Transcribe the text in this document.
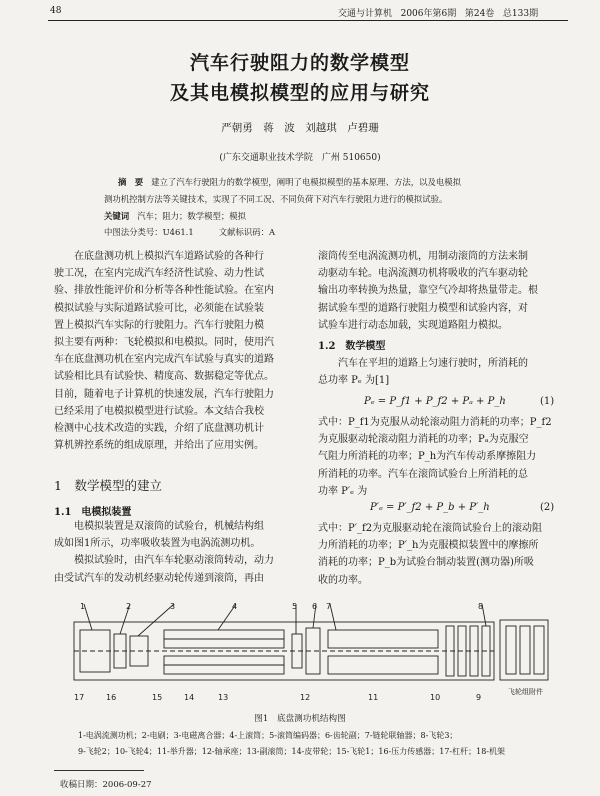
48	交通与计算机 2006年第6期 第24卷 总133期
汽车行驶阻力的数学模型
及其电模拟模型的应用与研究
严朝勇　蒋　波　刘越琪　卢碧珊
(广东交通职业技术学院　广州 510650)
摘　要 建立了汽车行驶阻力的数学模型，阐明了电模拟模型的基本原理、方法，以及电模拟
测功机控制方法等关键技术，实现了不同工况、不同负荷下对汽车行驶阻力进行的模拟试验。
关键词 汽车；阻力；数学模型；模拟
中图法分类号：U461.1　　　文献标识码：A
在底盘测功机上模拟汽车道路试验的各种行
驶工况，在室内完成汽车经济性试验、动力性试
验、排放性能评价和分析等各种性能试验。在室内
模拟试验与实际道路试验可比，必须能在试验装
置上模拟汽车实际的行驶阻力。汽车行驶阻力模
拟主要有两种：飞轮模拟和电模拟。同时，使用汽
车在底盘测功机在室内完成汽车试验与真实的道路
试验相比具有试验快、精度高、数据稳定等优点。
目前，随着电子计算机的快速发展，汽车行驶阻力
已经采用了电模拟模型进行试验。本文结合我校
检测中心技术改造的实践，介绍了底盘测功机计
算机辨控系统的组成原理，并给出了应用实例。
1　数学模型的建立
1.1　电模拟装置
电模拟装置是双滚筒的试验台，机械结构组
成如图1所示，功率吸收装置为电涡流测功机。
模拟试验时，由汽车车轮驱动滚筒转动，动力
由受试汽车的发动机经驱动轮传递到滚筒，再由
滚筒传至电涡流测功机，用制动滚筒的方法来制
动驱动车轮。电涡流测功机将吸收的汽车驱动轮
输出功率转换为热量，靠空气冷却将热量带走。根
据试验车型的道路行驶阻力模型和试验内容，对
试验车进行动态加载，实现道路阻力模拟。
1.2　数学模型
汽车在平坦的道路上匀速行驶时，所消耗的
总功率 Pₑ 为[1]
Pₑ = P_f1 + P_f2 + Pₐ + P_h	(1)
式中：P_f1为克服从动轮滚动阻力消耗的功率；P_f2
为克服驱动轮滚动阻力消耗的功率；Pₐ为克服空
气阻力所消耗的功率；P_h为汽车传动系摩擦阻力
所消耗的功率。汽车在滚筒试验台上所消耗的总
功率 P′ₑ 为
P′ₑ = P′_f2 + P_b + P′_h	(2)
式中：P′_f2为克服驱动轮在滚筒试验台上的滚动阻
力所消耗的功率；P′_h为克服模拟装置中的摩擦所
消耗的功率；P_b为试验台制动装置(测功器)所吸
收的功率。
1	2	3	4	5 6 7	8
17	16	15	14	13	12	11	10	9
飞轮组附件
图1　底盘测功机结构图
1-电涡流测功机；2-电刷；3-电磁离合器；4-上滚筒；5-滚筒编码器；6-齿轮副；7-链轮联轴器；8-飞轮3；
9-飞轮2；10-飞轮4；11-举升器；12-轴承座；13-副滚筒；14-皮带轮；15-飞轮1；16-压力传感器；17-杠杆；18-机架
收稿日期：2006-09-27
